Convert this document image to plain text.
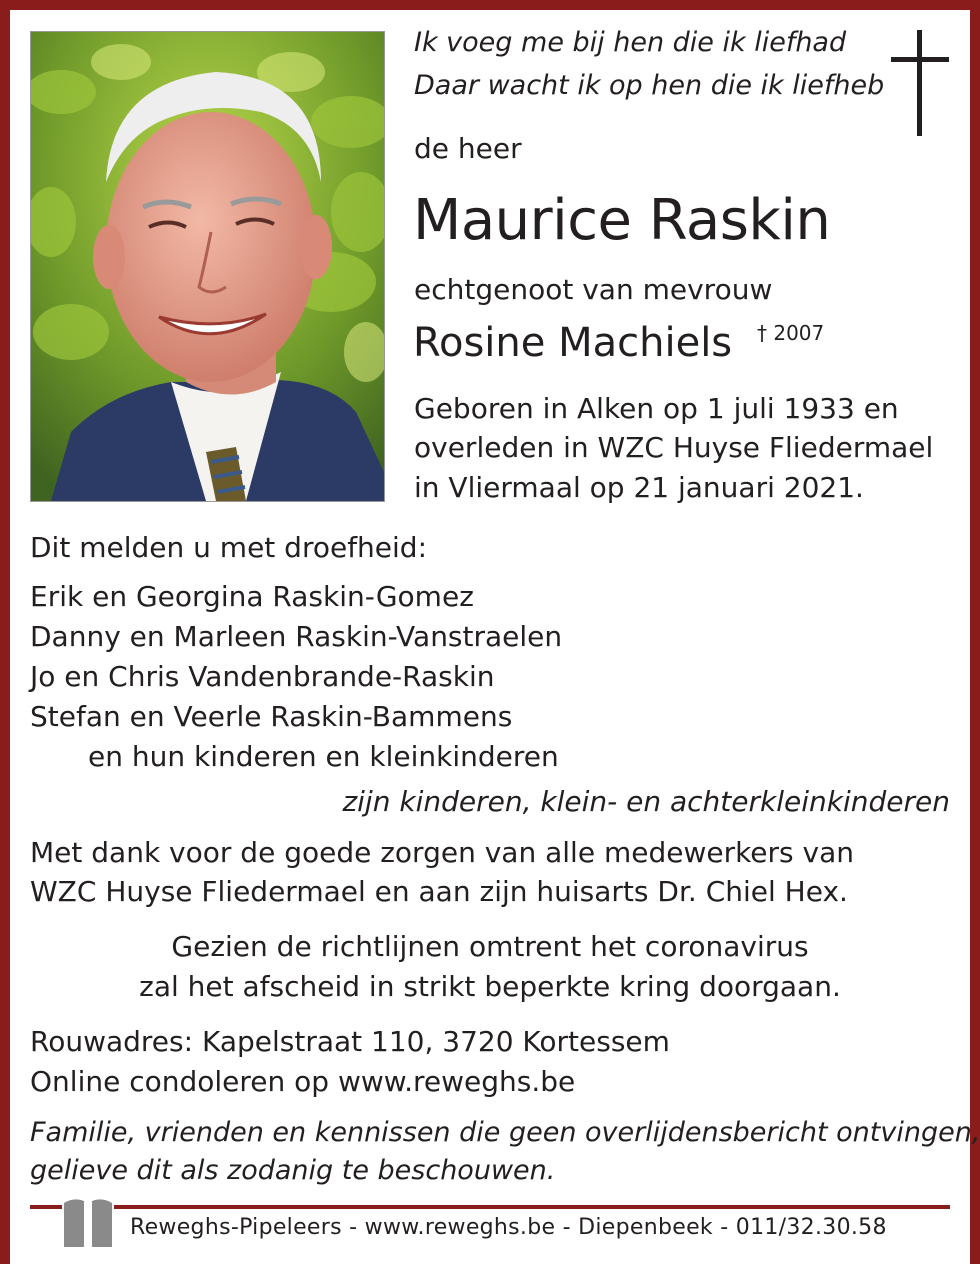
Ik voeg me bij hen die ik liefhad
Daar wacht ik op hen die ik liefheb
de heer
Maurice Raskin
echtgenoot van mevrouw
Rosine Machiels † 2007
Geboren in Alken op 1 juli 1933 en
overleden in WZC Huyse Fliedermael
in Vliermaal op 21 januari 2021.
Dit melden u met droefheid:
Erik en Georgina Raskin-Gomez
Danny en Marleen Raskin-Vanstraelen
Jo en Chris Vandenbrande-Raskin
Stefan en Veerle Raskin-Bammens
en hun kinderen en kleinkinderen
zijn kinderen, klein- en achterkleinkinderen
Met dank voor de goede zorgen van alle medewerkers van
WZC Huyse Fliedermael en aan zijn huisarts Dr. Chiel Hex.
Gezien de richtlijnen omtrent het coronavirus
zal het afscheid in strikt beperkte kring doorgaan.
Rouwadres: Kapelstraat 110, 3720 Kortessem
Online condoleren op www.reweghs.be
Familie, vrienden en kennissen die geen overlijdensbericht ontvingen,
gelieve dit als zodanig te beschouwen.
Reweghs-Pipeleers - www.reweghs.be - Diepenbeek - 011/32.30.58
